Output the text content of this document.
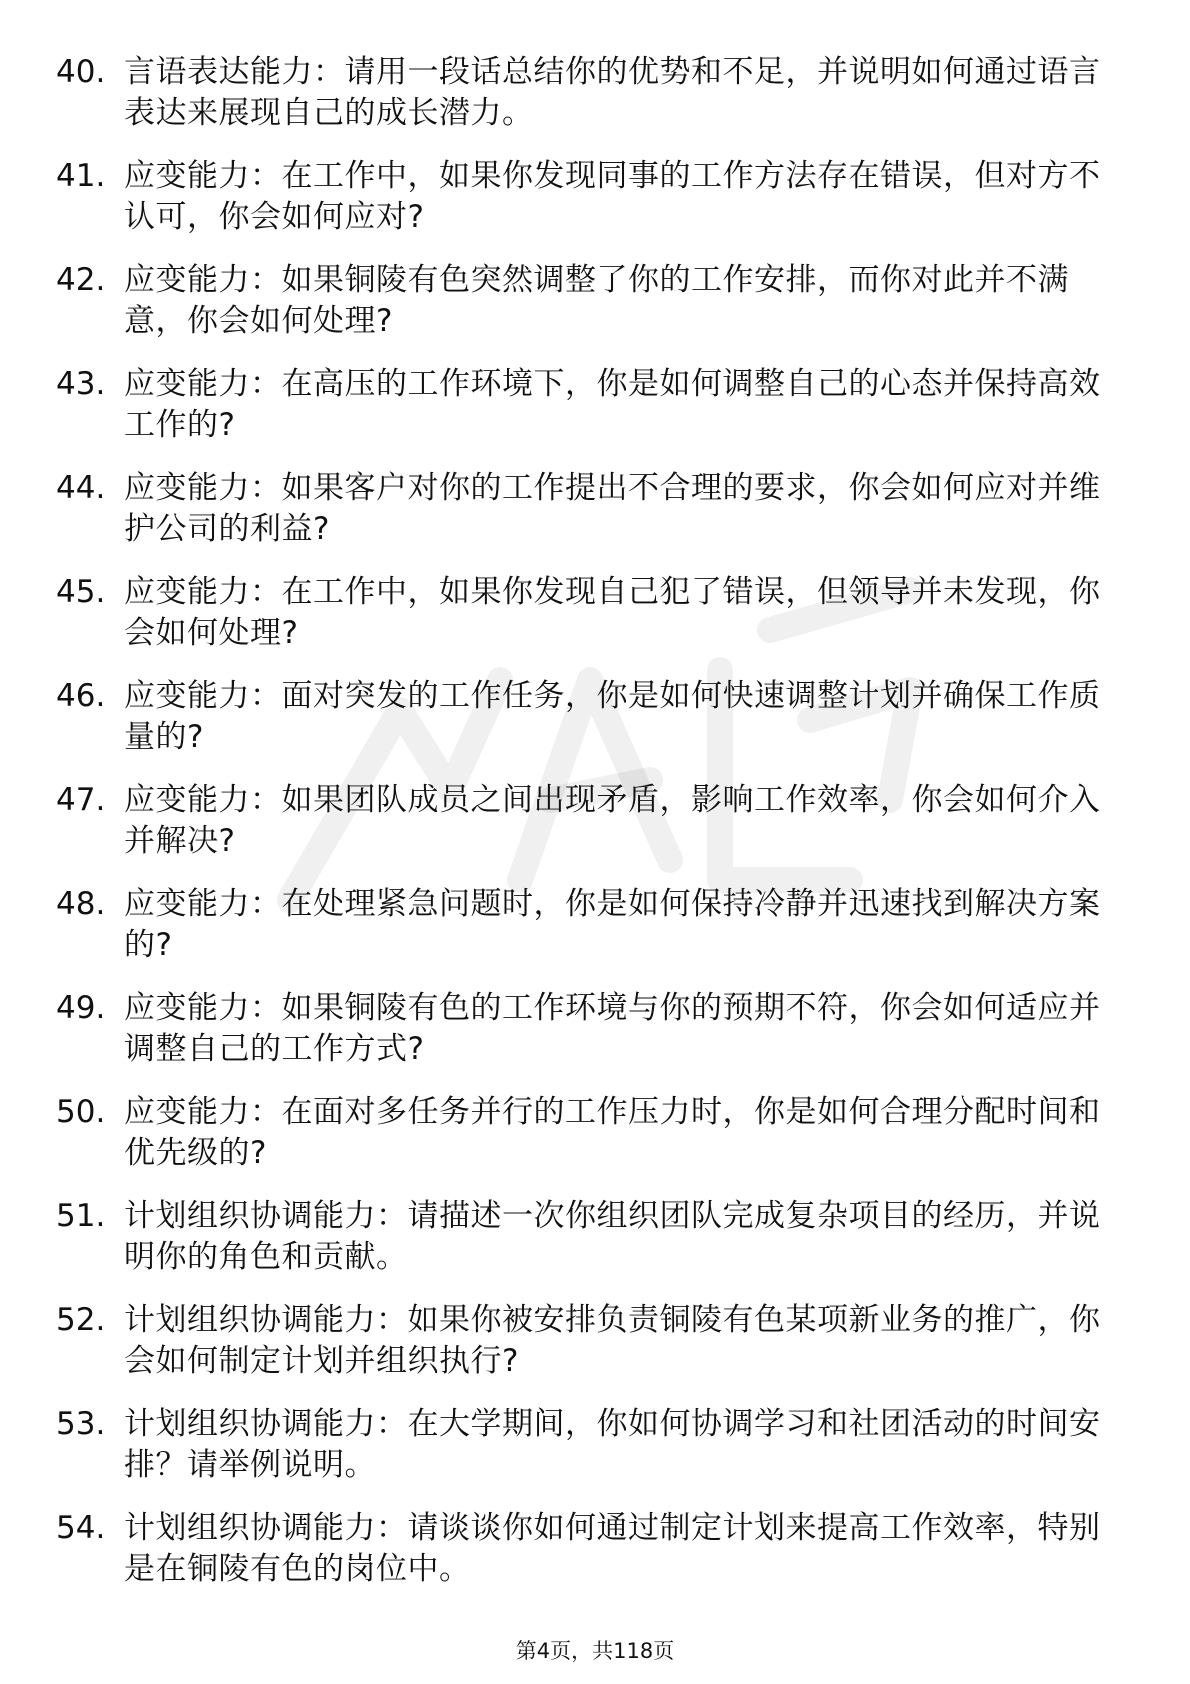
40. 言语表达能力：请用一段话总结你的优势和不足，并说明如何通过语言表达来展现自己的成长潜力。
41. 应变能力：在工作中，如果你发现同事的工作方法存在错误，但对方不认可，你会如何应对?
42. 应变能力：如果铜陵有色突然调整了你的工作安排，而你对此并不满意，你会如何处理?
43. 应变能力：在高压的工作环境下，你是如何调整自己的心态并保持高效工作的?
44. 应变能力：如果客户对你的工作提出不合理的要求，你会如何应对并维护公司的利益?
45. 应变能力：在工作中，如果你发现自己犯了错误，但领导并未发现，你会如何处理?
46. 应变能力：面对突发的工作任务，你是如何快速调整计划并确保工作质量的?
47. 应变能力：如果团队成员之间出现矛盾，影响工作效率，你会如何介入并解决?
48. 应变能力：在处理紧急问题时，你是如何保持冷静并迅速找到解决方案的?
49. 应变能力：如果铜陵有色的工作环境与你的预期不符，你会如何适应并调整自己的工作方式?
50. 应变能力：在面对多任务并行的工作压力时，你是如何合理分配时间和优先级的?
51. 计划组织协调能力：请描述一次你组织团队完成复杂项目的经历，并说明你的角色和贡献。
52. 计划组织协调能力：如果你被安排负责铜陵有色某项新业务的推广，你会如何制定计划并组织执行?
53. 计划组织协调能力：在大学期间，你如何协调学习和社团活动的时间安排？请举例说明。
54. 计划组织协调能力：请谈谈你如何通过制定计划来提高工作效率，特别是在铜陵有色的岗位中。
第4页，共118页
